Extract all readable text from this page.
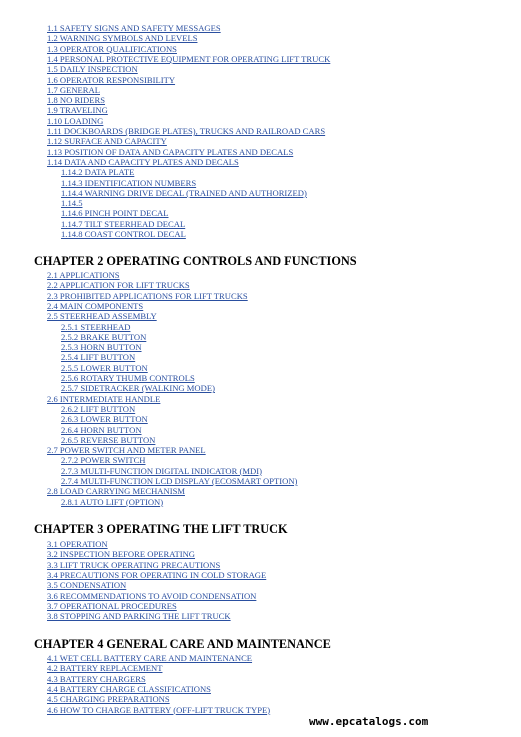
1.1 SAFETY SIGNS AND SAFETY MESSAGES
1.2 WARNING SYMBOLS AND LEVELS
1.3 OPERATOR QUALIFICATIONS
1.4 PERSONAL PROTECTIVE EQUIPMENT FOR OPERATING LIFT TRUCK
1.5 DAILY INSPECTION
1.6 OPERATOR RESPONSIBILITY
1.7 GENERAL
1.8 NO RIDERS
1.9 TRAVELING
1.10 LOADING
1.11 DOCKBOARDS (BRIDGE PLATES), TRUCKS AND RAILROAD CARS
1.12 SURFACE AND CAPACITY
1.13 POSITION OF DATA AND CAPACITY PLATES AND DECALS
1.14 DATA AND CAPACITY PLATES AND DECALS
1.14.2 DATA PLATE
1.14.3 IDENTIFICATION NUMBERS
1.14.4 WARNING DRIVE DECAL (TRAINED AND AUTHORIZED)
1.14.5
1.14.6 PINCH POINT DECAL
1.14.7 TILT STEERHEAD DECAL
1.14.8 COAST CONTROL DECAL
CHAPTER 2 OPERATING CONTROLS AND FUNCTIONS
2.1 APPLICATIONS
2.2 APPLICATION FOR LIFT TRUCKS
2.3 PROHIBITED APPLICATIONS FOR LIFT TRUCKS
2.4 MAIN COMPONENTS
2.5 STEERHEAD ASSEMBLY
2.5.1 STEERHEAD
2.5.2 BRAKE BUTTON
2.5.3 HORN BUTTON
2.5.4 LIFT BUTTON
2.5.5 LOWER BUTTON
2.5.6 ROTARY THUMB CONTROLS
2.5.7 SIDETRACKER (WALKING MODE)
2.6 INTERMEDIATE HANDLE
2.6.2 LIFT BUTTON
2.6.3 LOWER BUTTON
2.6.4 HORN BUTTON
2.6.5 REVERSE BUTTON
2.7 POWER SWITCH AND METER PANEL
2.7.2 POWER SWITCH
2.7.3 MULTI-FUNCTION DIGITAL INDICATOR (MDI)
2.7.4 MULTI-FUNCTION LCD DISPLAY (ECOSMART OPTION)
2.8 LOAD CARRYING MECHANISM
2.8.1 AUTO LIFT (OPTION)
CHAPTER 3 OPERATING THE LIFT TRUCK
3.1 OPERATION
3.2 INSPECTION BEFORE OPERATING
3.3 LIFT TRUCK OPERATING PRECAUTIONS
3.4 PRECAUTIONS FOR OPERATING IN COLD STORAGE
3.5 CONDENSATION
3.6 RECOMMENDATIONS TO AVOID CONDENSATION
3.7 OPERATIONAL PROCEDURES
3.8 STOPPING AND PARKING THE LIFT TRUCK
CHAPTER 4 GENERAL CARE AND MAINTENANCE
4.1 WET CELL BATTERY CARE AND MAINTENANCE
4.2 BATTERY REPLACEMENT
4.3 BATTERY CHARGERS
4.4 BATTERY CHARGE CLASSIFICATIONS
4.5 CHARGING PREPARATIONS
4.6 HOW TO CHARGE BATTERY (OFF-LIFT TRUCK TYPE)
www.epcatalogs.com
